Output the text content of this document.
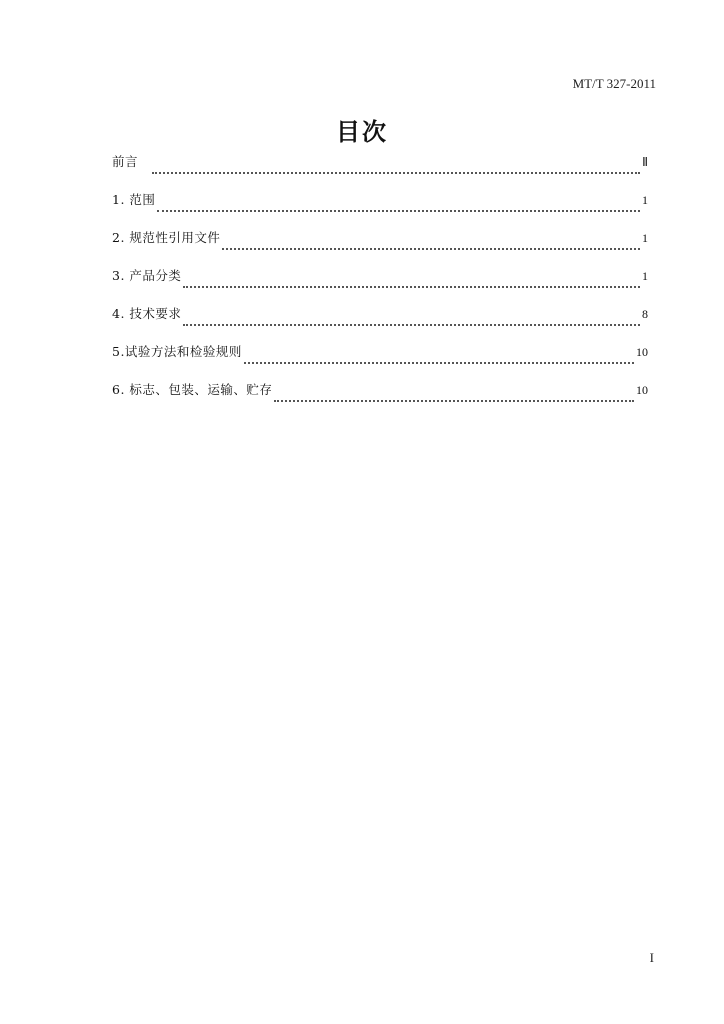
MT/T 327-2011
目次
前言	Ⅱ
1. 范围	1
2. 规范性引用文件	1
3. 产品分类	1
4. 技术要求	8
5.试验方法和检验规则	10
6. 标志、包装、运输、贮存	10
I
